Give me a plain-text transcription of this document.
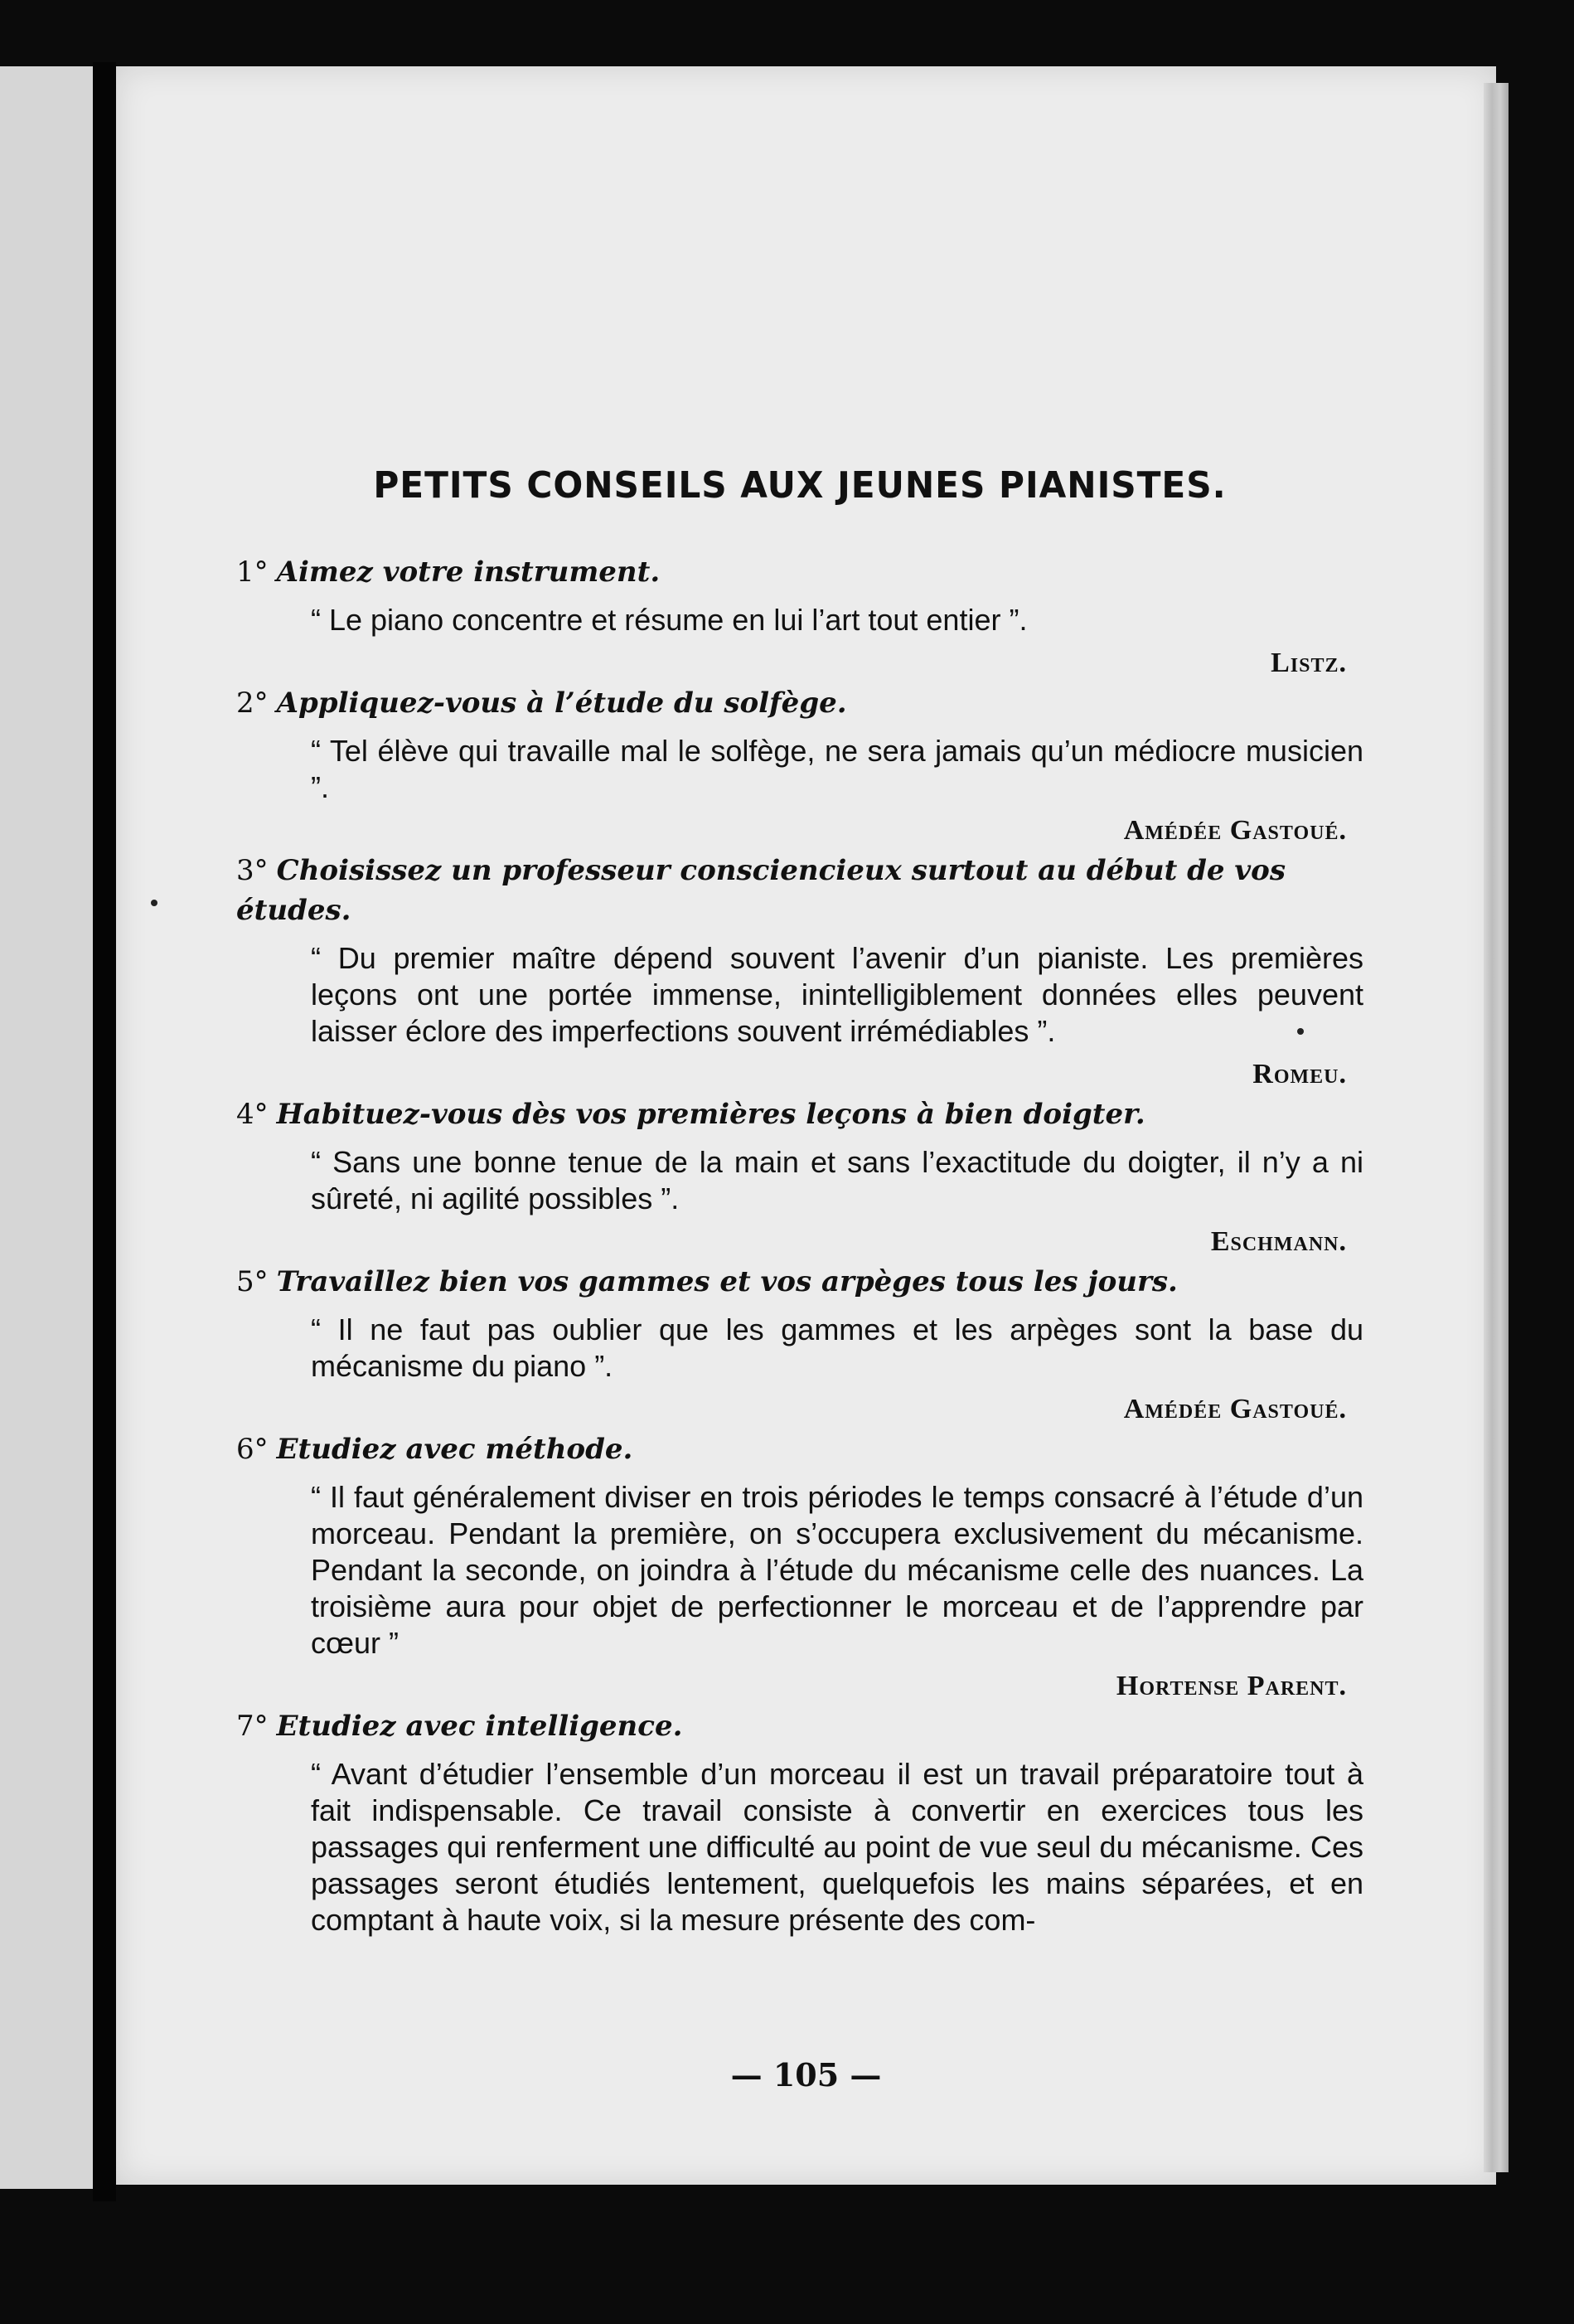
PETITS CONSEILS AUX JEUNES PIANISTES.

1° Aimez votre instrument.

“ Le piano concentre et résume en lui l’art tout entier ”.

Listz.

2° Appliquez-vous à l’étude du solfège.

“ Tel élève qui travaille mal le solfège, ne sera jamais qu’un médiocre musicien ”.

Amédée Gastoué.

3° Choisissez un professeur consciencieux surtout au début de vos études.

“ Du premier maître dépend souvent l’avenir d’un pianiste. Les premières leçons ont une portée immense, inintelligiblement données elles peuvent laisser éclore des imperfections souvent irrémédiables ”.

Romeu.

4° Habituez-vous dès vos premières leçons à bien doigter.

“ Sans une bonne tenue de la main et sans l’exactitude du doigter, il n’y a ni sûreté, ni agilité possibles ”.

Eschmann.

5° Travaillez bien vos gammes et vos arpèges tous les jours.

“ Il ne faut pas oublier que les gammes et les arpèges sont la base du mécanisme du piano ”.

Amédée Gastoué.

6° Etudiez avec méthode.

“ Il faut généralement diviser en trois périodes le temps consacré à l’étude d’un morceau. Pendant la première, on s’occupera exclusivement du mécanisme. Pendant la seconde, on joindra à l’étude du mécanisme celle des nuances. La troisième aura pour objet de perfectionner le morceau et de l’apprendre par cœur ”

Hortense Parent.

7° Etudiez avec intelligence.

“ Avant d’étudier l’ensemble d’un morceau il est un travail préparatoire tout à fait indispensable. Ce travail consiste à convertir en exercices tous les passages qui renferment une difficulté au point de vue seul du mécanisme. Ces passages seront étudiés lentement, quelquefois les mains séparées, et en comptant à haute voix, si la mesure présente des com-

— 105 —
